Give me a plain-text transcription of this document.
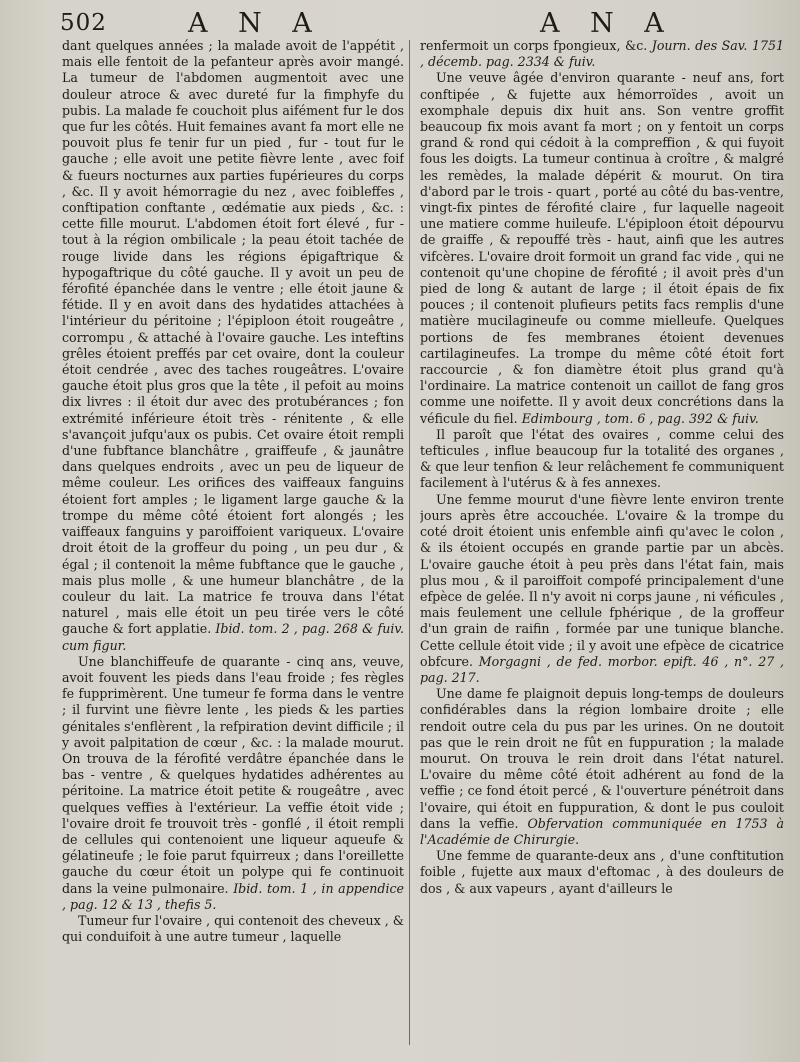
502	A N A	A N A

dant quelques années ; la malade avoit de l'appétit , mais elle fentoit de la pefanteur après avoir mangé. La tumeur de l'abdomen augmentoit avec une douleur atroce & avec dureté fur la fimphyfe du pubis. La malade fe couchoit plus aifément fur le dos que fur les côtés. Huit femaines avant fa mort elle ne pouvoit plus fe tenir fur un pied , fur - tout fur le gauche ; elle avoit une petite fièvre lente , avec foif & fueurs nocturnes aux parties fupérieures du corps , &c. Il y avoit hémorragie du nez , avec foibleffes , conftipation conftante , œdématie aux pieds , &c. : cette fille mourut. L'abdomen étoit fort élevé , fur - tout à la région ombilicale ; la peau étoit tachée de rouge livide dans les régions épigaftrique & hypogaftrique du côté gauche. Il y avoit un peu de férofité épanchée dans le ventre ; elle étoit jaune & fétide. Il y en avoit dans des hydatides attachées à l'intérieur du péritoine ; l'épiploon étoit rougeâtre , corrompu , & attaché à l'ovaire gauche. Les inteftins grêles étoient preffés par cet ovaire, dont la couleur étoit cendrée , avec des taches rougeâtres. L'ovaire gauche étoit plus gros que la tête , il pefoit au moins dix livres : il étoit dur avec des protubérances ; fon extrémité inférieure étoit très - rénitente , & elle s'avançoit jufqu'aux os pubis. Cet ovaire étoit rempli d'une fubftance blanchâtre , graiffeufe , & jaunâtre dans quelques endroits , avec un peu de liqueur de même couleur. Les orifices des vaiffeaux fanguins étoient fort amples ; le ligament large gauche & la trompe du même côté étoient fort alongés ; les vaiffeaux fanguins y paroiffoient variqueux. L'ovaire droit étoit de la groffeur du poing , un peu dur , & égal ; il contenoit la même fubftance que le gauche , mais plus molle , & une humeur blanchâtre , de la couleur du lait. La matrice fe trouva dans l'état naturel , mais elle étoit un peu tirée vers le côté gauche & fort applatie. Ibid. tom. 2 , pag. 268 & fuiv. cum figur.

Une blanchiffeufe de quarante - cinq ans, veuve, avoit fouvent les pieds dans l'eau froide ; fes règles fe fupprimèrent. Une tumeur fe forma dans le ventre ; il furvint une fièvre lente , les pieds & les parties génitales s'enflèrent , la refpiration devint difficile ; il y avoit palpitation de cœur , &c. : la malade mourut. On trouva de la férofité verdâtre épanchée dans le bas - ventre , & quelques hydatides adhérentes au péritoine. La matrice étoit petite & rougeâtre , avec quelques veffies à l'extérieur. La veffie étoit vide ; l'ovaire droit fe trouvoit très - gonflé , il étoit rempli de cellules qui contenoient une liqueur aqueufe & gélatineufe ; le foie parut fquirreux ; dans l'oreillette gauche du cœur étoit un polype qui fe continuoit dans la veine pulmonaire. Ibid. tom. 1 , in appendice , pag. 12 & 13 , thefis 5.

Tumeur fur l'ovaire , qui contenoit des cheveux , & qui conduifoit à une autre tumeur , laquelle

renfermoit un corps fpongieux, &c. Journ. des Sav. 1751 , décemb. pag. 2334 & fuiv.

Une veuve âgée d'environ quarante - neuf ans, fort conftipée , & fujette aux hémorroïdes , avoit un exomphale depuis dix huit ans. Son ventre groffit beaucoup fix mois avant fa mort ; on y fentoit un corps grand & rond qui cédoit à la compreffion , & qui fuyoit fous les doigts. La tumeur continua à croître , & malgré les remèdes, la malade dépérit & mourut. On tira d'abord par le trois - quart , porté au côté du bas-ventre, vingt-fix pintes de férofité claire , fur laquelle nageoit une matiere comme huileufe. L'épiploon étoit dépourvu de graiffe , & repouffé très - haut, ainfi que les autres vifcères. L'ovaire droit formoit un grand fac vide , qui ne contenoit qu'une chopine de férofité ; il avoit près d'un pied de long & autant de large ; il étoit épais de fix pouces ; il contenoit plufieurs petits facs remplis d'une matière mucilagineufe ou comme mielleufe. Quelques portions de fes membranes étoient devenues cartilagineufes. La trompe du même côté étoit fort raccourcie , & fon diamètre étoit plus grand qu'à l'ordinaire. La matrice contenoit un caillot de fang gros comme une noifette. Il y avoit deux concrétions dans la véficule du fiel. Edimbourg , tom. 6 , pag. 392 & fuiv.

Il paroît que l'état des ovaires , comme celui des tefticules , influe beaucoup fur la totalité des organes , & que leur tenfion & leur relâchement fe communiquent facilement à l'utérus & à fes annexes.

Une femme mourut d'une fièvre lente environ trente jours après être accouchée. L'ovaire & la trompe du coté droit étoient unis enfemble ainfi qu'avec le colon , & ils étoient occupés en grande partie par un abcès. L'ovaire gauche étoit à peu près dans l'état fain, mais plus mou , & il paroiffoit compofé principalement d'une efpèce de gelée. Il n'y avoit ni corps jaune , ni véficules , mais feulement une cellule fphérique , de la groffeur d'un grain de raifin , formée par une tunique blanche. Cette cellule étoit vide ; il y avoit une efpèce de cicatrice obfcure. Morgagni , de fed. morbor. epift. 46 , n°. 27 , pag. 217.

Une dame fe plaignoit depuis long-temps de douleurs confidérables dans la région lombaire droite ; elle rendoit outre cela du pus par les urines. On ne doutoit pas que le rein droit ne fût en fuppuration ; la malade mourut. On trouva le rein droit dans l'état naturel. L'ovaire du même côté étoit adhérent au fond de la veffie ; ce fond étoit percé , & l'ouverture pénétroit dans l'ovaire, qui étoit en fuppuration, & dont le pus couloit dans la veffie. Obfervation communiquée en 1753 à l'Académie de Chirurgie.

Une femme de quarante-deux ans , d'une conftitution foible , fujette aux maux d'eftomac , à des douleurs de dos , & aux vapeurs , ayant d'ailleurs le
